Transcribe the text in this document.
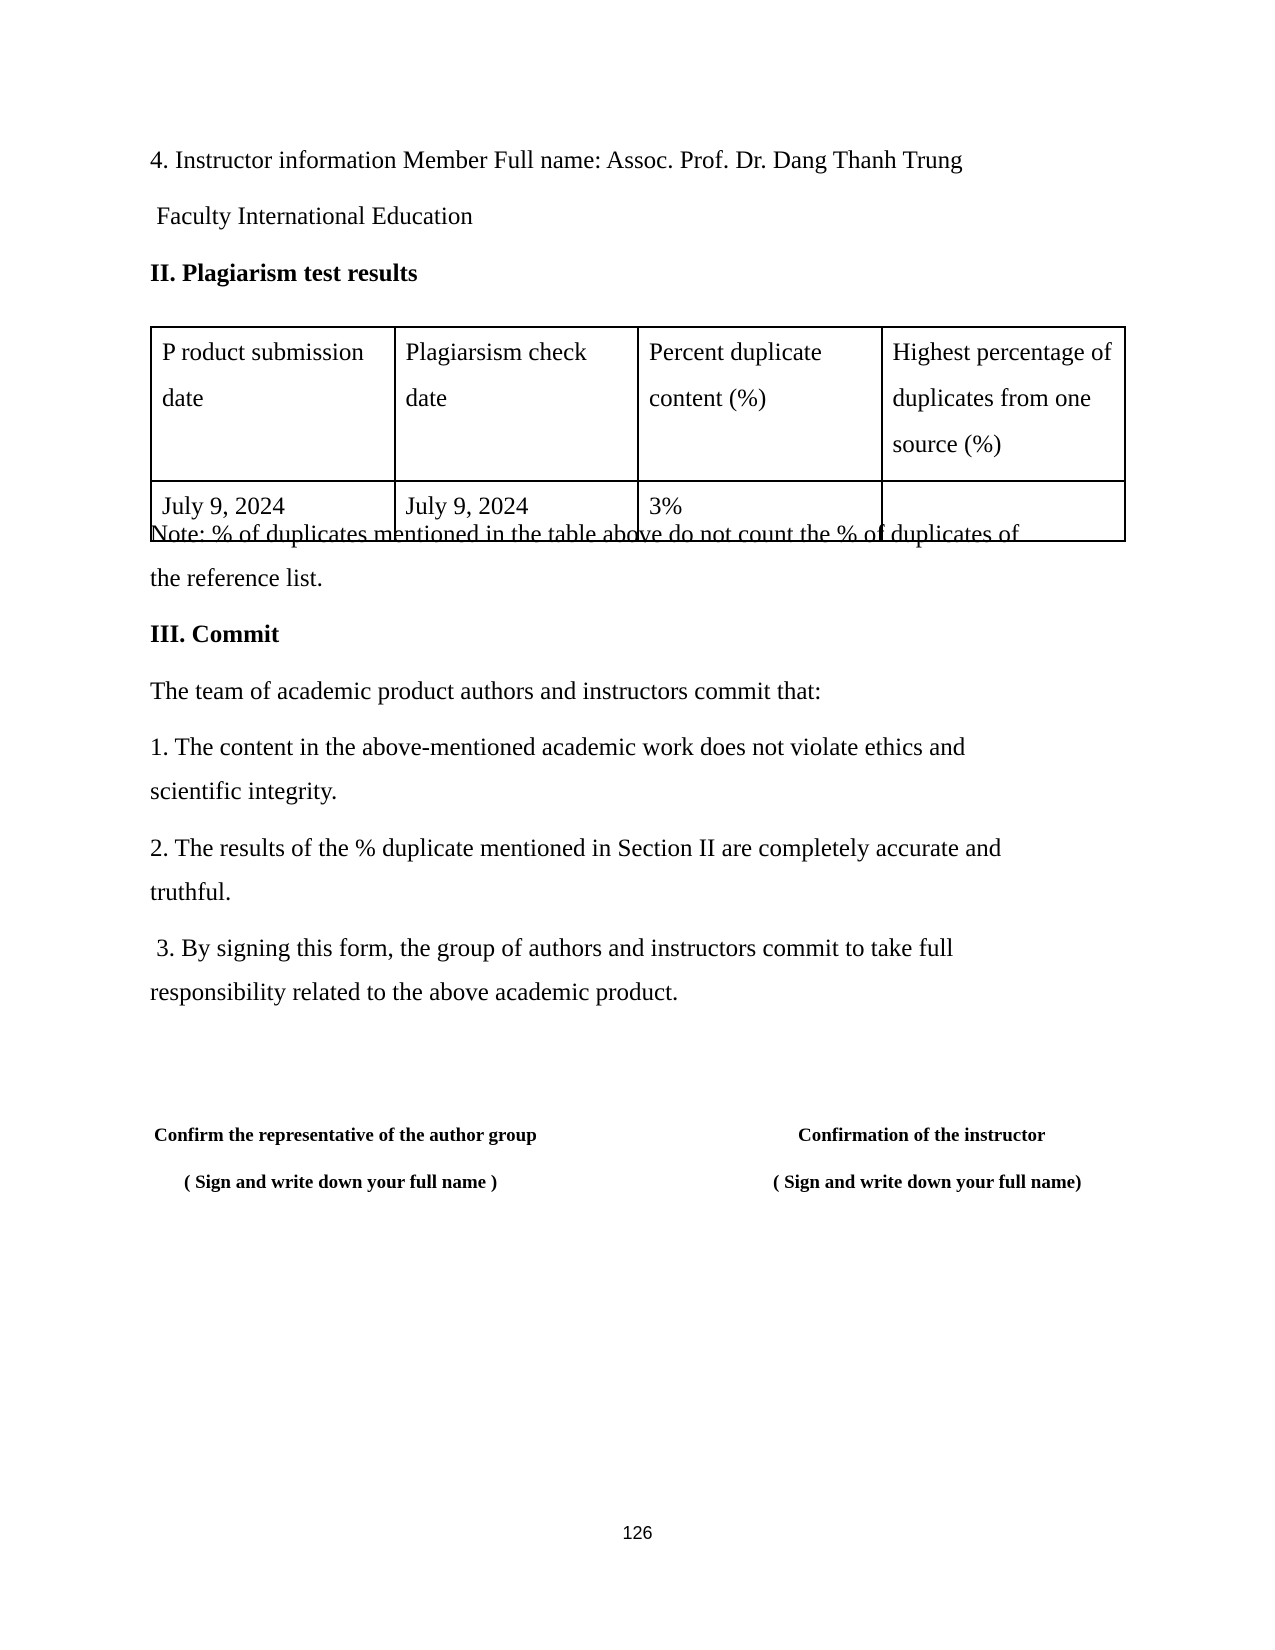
4. Instructor information Member Full name: Assoc. Prof. Dr. Dang Thanh Trung
Faculty International Education
II. Plagiarism test results
P roduct submission date	Plagiarsism check date	Percent duplicate content (%)	Highest percentage of duplicates from one source (%)
July 9, 2024	July 9, 2024	3%	
Note: % of duplicates mentioned in the table above do not count the % of duplicates of
the reference list.
III. Commit
The team of academic product authors and instructors commit that:
1. The content in the above-mentioned academic work does not violate ethics and
scientific integrity.
2. The results of the % duplicate mentioned in Section II are completely accurate and
truthful.
3. By signing this form, the group of authors and instructors commit to take full
responsibility related to the above academic product.
Confirm the representative of the author group
( Sign and write down your full name )
Confirmation of the instructor
( Sign and write down your full name)
126
